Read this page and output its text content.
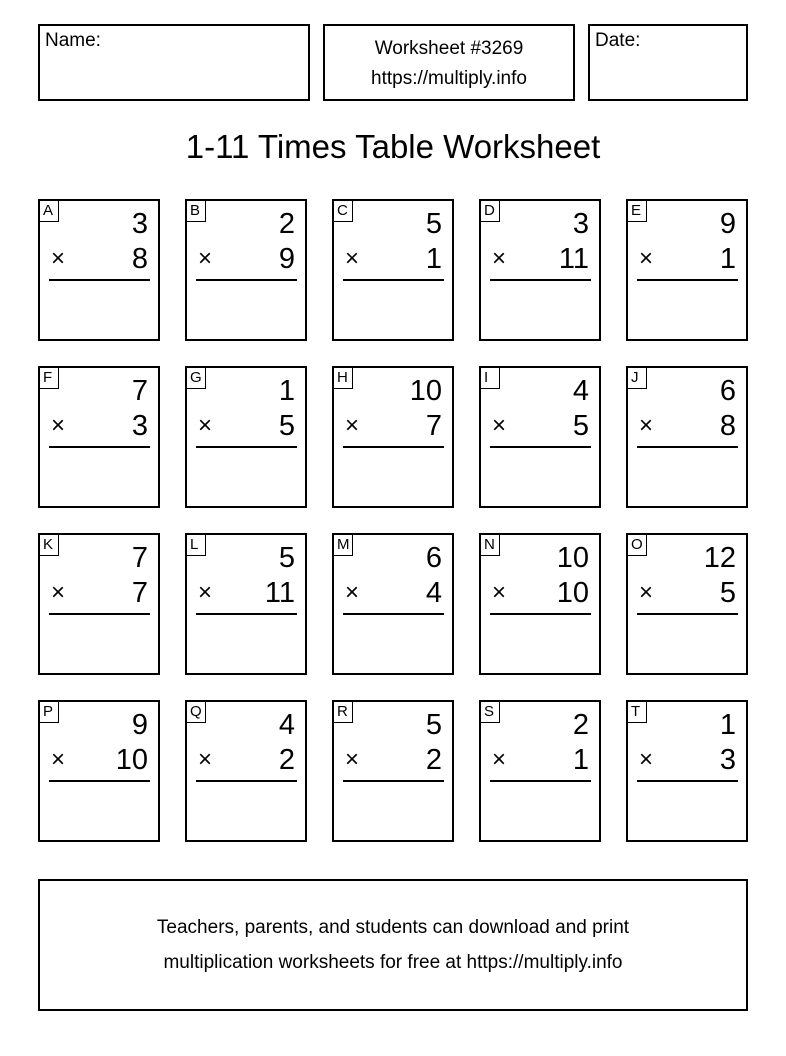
Name:	Worksheet #3269
https://multiply.info
Date:
1-11 Times Table Worksheet
A	3
× 8
B	2
× 9
C	5
× 1
D	3
× 11
E	9
× 1
F	7
× 3
G	1
× 5
H 10
× 7
I	4
× 5
J	6
× 8
K	7
× 7
L	5
× 11
M	6
× 4
N 10
× 10
O 12
× 5
P	9
× 10
Q	4
× 2
R	5
× 2
S	2
× 1
T	1
× 3
Teachers, parents, and students can download and print
multiplication worksheets for free at https://multiply.info
